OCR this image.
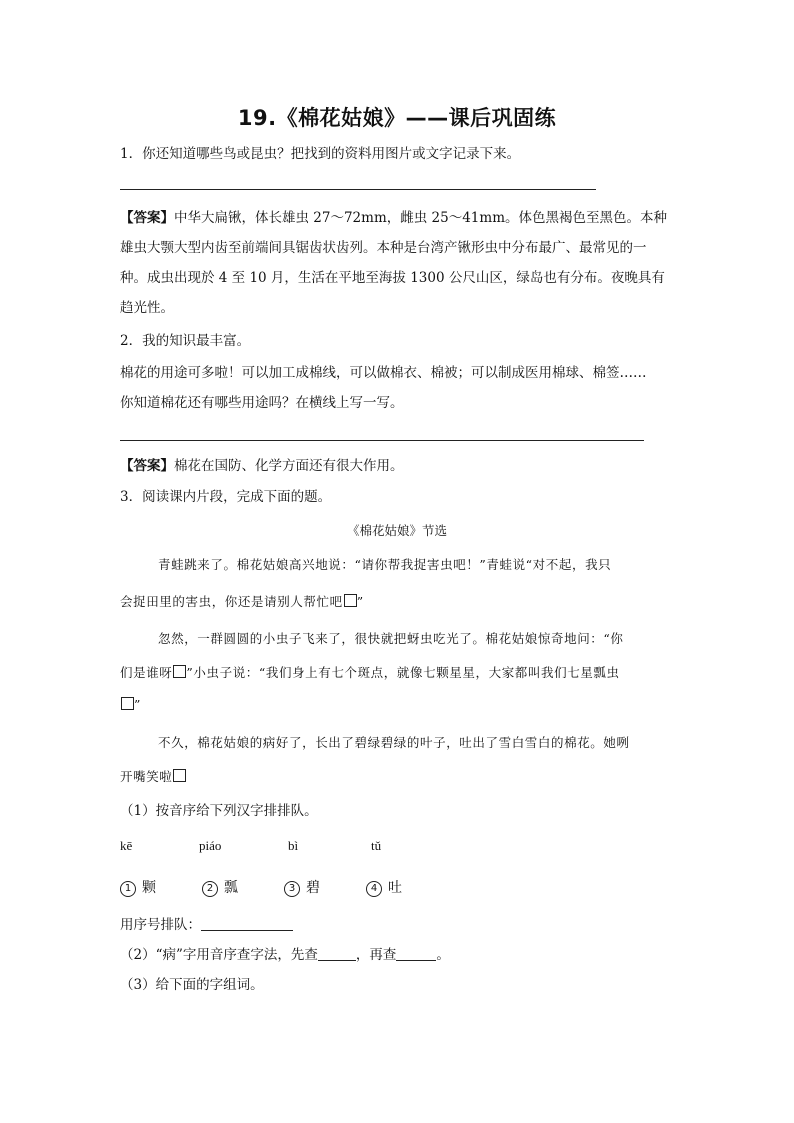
19.《棉花姑娘》——课后巩固练
1．你还知道哪些鸟或昆虫？把找到的资料用图片或文字记录下来。
【答案】中华大扁锹，体长雄虫 27～72mm，雌虫 25～41mm。体色黑褐色至黑色。本种
雄虫大颚大型内齿至前端间具锯齿状齿列。本种是台湾产锹形虫中分布最广、最常见的一
种。成虫出现於 4 至 10 月，生活在平地至海拔 1300 公尺山区，绿岛也有分布。夜晚具有
趋光性。
2．我的知识最丰富。
棉花的用途可多啦！可以加工成棉线，可以做棉衣、棉被；可以制成医用棉球、棉签……
你知道棉花还有哪些用途吗？在横线上写一写。
【答案】棉花在国防、化学方面还有很大作用。
3．阅读课内片段，完成下面的题。
《棉花姑娘》节选
青蛙跳来了。棉花姑娘高兴地说：“请你帮我捉害虫吧！”青蛙说“对不起，我只
会捉田里的害虫，你还是请别人帮忙吧 ”
忽然，一群圆圆的小虫子飞来了，很快就把蚜虫吃光了。棉花姑娘惊奇地问：“你
们是谁呀 ”小虫子说：“我们身上有七个斑点，就像七颗星星，大家都叫我们七星瓢虫
”
不久，棉花姑娘的病好了，长出了碧绿碧绿的叶子，吐出了雪白雪白的棉花。她咧
开嘴笑啦
（1）按音序给下列汉字排排队。
kē	piáo	bì	tǔ
1 颗	2 瓢	3 碧	4 吐
用序号排队：
（2）“病”字用音序查字法，先查	，再查	。
（3）给下面的字组词。
